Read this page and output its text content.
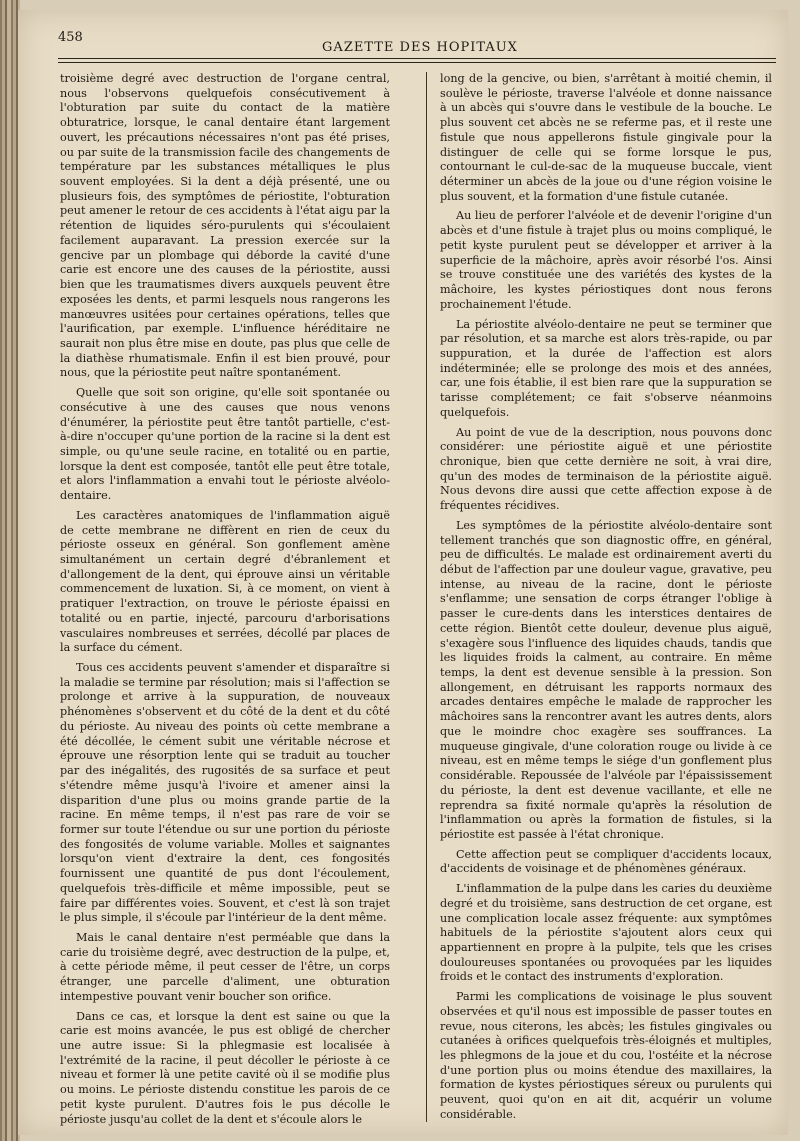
458
GAZETTE DES HOPITAUX

troisième degré avec destruction de l'organe central, nous l'observons quelquefois consécutivement à l'obturation par suite du contact de la matière obturatrice, lorsque, le canal dentaire étant largement ouvert, les précautions nécessaires n'ont pas été prises, ou par suite de la transmission facile des changements de température par les substances métalliques le plus souvent employées. Si la dent a déjà présenté, une ou plusieurs fois, des symptômes de périostite, l'obturation peut amener le retour de ces accidents à l'état aigu par la rétention de liquides séro-purulents qui s'écoulaient facilement auparavant. La pression exercée sur la gencive par un plombage qui déborde la cavité d'une carie est encore une des causes de la périostite, aussi bien que les traumatismes divers auxquels peuvent être exposées les dents, et parmi lesquels nous rangerons les manœuvres usitées pour certaines opérations, telles que l'aurification, par exemple. L'influence héréditaire ne saurait non plus être mise en doute, pas plus que celle de la diathèse rhumatismale. Enfin il est bien prouvé, pour nous, que la périostite peut naître spontanément.

Quelle que soit son origine, qu'elle soit spontanée ou consécutive à une des causes que nous venons d'énumérer, la périostite peut être tantôt partielle, c'est-à-dire n'occuper qu'une portion de la racine si la dent est simple, ou qu'une seule racine, en totalité ou en partie, lorsque la dent est composée, tantôt elle peut être totale, et alors l'inflammation a envahi tout le périoste alvéolo-dentaire.

Les caractères anatomiques de l'inflammation aiguë de cette membrane ne diffèrent en rien de ceux du périoste osseux en général. Son gonflement amène simultanément un certain degré d'ébranlement et d'allongement de la dent, qui éprouve ainsi un véritable commencement de luxation. Si, à ce moment, on vient à pratiquer l'extraction, on trouve le périoste épaissi en totalité ou en partie, injecté, parcouru d'arborisations vasculaires nombreuses et serrées, décollé par places de la surface du cément.

Tous ces accidents peuvent s'amender et disparaître si la maladie se termine par résolution; mais si l'affection se prolonge et arrive à la suppuration, de nouveaux phénomènes s'observent et du côté de la dent et du côté du périoste. Au niveau des points où cette membrane a été décollée, le cément subit une véritable nécrose et éprouve une résorption lente qui se traduit au toucher par des inégalités, des rugosités de sa surface et peut s'étendre même jusqu'à l'ivoire et amener ainsi la disparition d'une plus ou moins grande partie de la racine. En même temps, il n'est pas rare de voir se former sur toute l'étendue ou sur une portion du périoste des fongosités de volume variable. Molles et saignantes lorsqu'on vient d'extraire la dent, ces fongosités fournissent une quantité de pus dont l'écoulement, quelquefois très-difficile et même impossible, peut se faire par différentes voies. Souvent, et c'est là son trajet le plus simple, il s'écoule par l'intérieur de la dent même.

Mais le canal dentaire n'est perméable que dans la carie du troisième degré, avec destruction de la pulpe, et, à cette période même, il peut cesser de l'être, un corps étranger, une parcelle d'aliment, une obturation intempestive pouvant venir boucher son orifice.

Dans ce cas, et lorsque la dent est saine ou que la carie est moins avancée, le pus est obligé de chercher une autre issue: Si la phlegmasie est localisée à l'extrémité de la racine, il peut décoller le périoste à ce niveau et former là une petite cavité où il se modifie plus ou moins. Le périoste distendu constitue les parois de ce petit kyste purulent. D'autres fois le pus décolle le périoste jusqu'au collet de la dent et s'écoule alors le

long de la gencive, ou bien, s'arrêtant à moitié chemin, il soulève le périoste, traverse l'alvéole et donne naissance à un abcès qui s'ouvre dans le vestibule de la bouche. Le plus souvent cet abcès ne se referme pas, et il reste une fistule que nous appellerons fistule gingivale pour la distinguer de celle qui se forme lorsque le pus, contournant le cul-de-sac de la muqueuse buccale, vient déterminer un abcès de la joue ou d'une région voisine le plus souvent, et la formation d'une fistule cutanée.

Au lieu de perforer l'alvéole et de devenir l'origine d'un abcès et d'une fistule à trajet plus ou moins compliqué, le petit kyste purulent peut se développer et arriver à la superficie de la mâchoire, après avoir résorbé l'os. Ainsi se trouve constituée une des variétés des kystes de la mâchoire, les kystes périostiques dont nous ferons prochainement l'étude.

La périostite alvéolo-dentaire ne peut se terminer que par résolution, et sa marche est alors très-rapide, ou par suppuration, et la durée de l'affection est alors indéterminée; elle se prolonge des mois et des années, car, une fois établie, il est bien rare que la suppuration se tarisse complétement; ce fait s'observe néanmoins quelquefois.

Au point de vue de la description, nous pouvons donc considérer: une périostite aiguë et une périostite chronique, bien que cette dernière ne soit, à vrai dire, qu'un des modes de terminaison de la périostite aiguë. Nous devons dire aussi que cette affection expose à de fréquentes récidives.

Les symptômes de la périostite alvéolo-dentaire sont tellement tranchés que son diagnostic offre, en général, peu de difficultés. Le malade est ordinairement averti du début de l'affection par une douleur vague, gravative, peu intense, au niveau de la racine, dont le périoste s'enflamme; une sensation de corps étranger l'oblige à passer le cure-dents dans les interstices dentaires de cette région. Bientôt cette douleur, devenue plus aiguë, s'exagère sous l'influence des liquides chauds, tandis que les liquides froids la calment, au contraire. En même temps, la dent est devenue sensible à la pression. Son allongement, en détruisant les rapports normaux des arcades dentaires empêche le malade de rapprocher les mâchoires sans la rencontrer avant les autres dents, alors que le moindre choc exagère ses souffrances. La muqueuse gingivale, d'une coloration rouge ou livide à ce niveau, est en même temps le siége d'un gonflement plus considérable. Repoussée de l'alvéole par l'épaississement du périoste, la dent est devenue vacillante, et elle ne reprendra sa fixité normale qu'après la résolution de l'inflammation ou après la formation de fistules, si la périostite est passée à l'état chronique.

Cette affection peut se compliquer d'accidents locaux, d'accidents de voisinage et de phénomènes généraux.

L'inflammation de la pulpe dans les caries du deuxième degré et du troisième, sans destruction de cet organe, est une complication locale assez fréquente: aux symptômes habituels de la périostite s'ajoutent alors ceux qui appartiennent en propre à la pulpite, tels que les crises douloureuses spontanées ou provoquées par les liquides froids et le contact des instruments d'exploration.

Parmi les complications de voisinage le plus souvent observées et qu'il nous est impossible de passer toutes en revue, nous citerons, les abcès; les fistules gingivales ou cutanées à orifices quelquefois très-éloignés et multiples, les phlegmons de la joue et du cou, l'ostéite et la nécrose d'une portion plus ou moins étendue des maxillaires, la formation de kystes périostiques séreux ou purulents qui peuvent, quoi qu'on en ait dit, acquérir un volume considérable.
